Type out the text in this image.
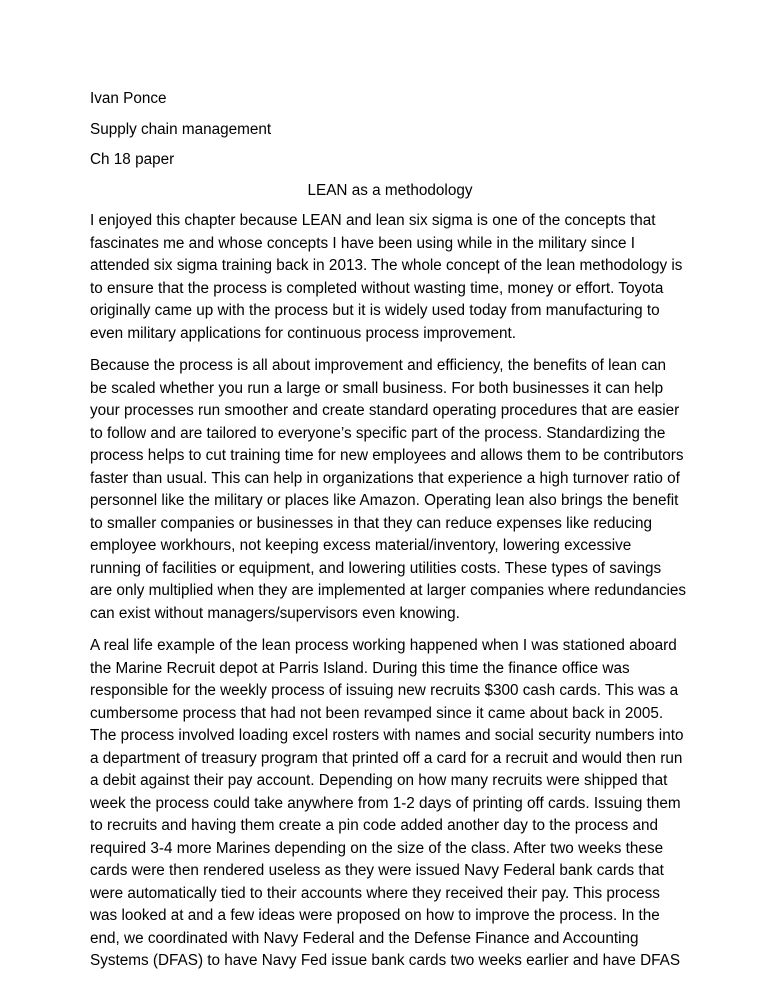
Ivan Ponce
Supply chain management
Ch 18 paper
LEAN as a methodology
I enjoyed this chapter because LEAN and lean six sigma is one of the concepts that
fascinates me and whose concepts I have been using while in the military since I
attended six sigma training back in 2013. The whole concept of the lean methodology is
to ensure that the process is completed without wasting time, money or effort. Toyota
originally came up with the process but it is widely used today from manufacturing to
even military applications for continuous process improvement.
Because the process is all about improvement and efficiency, the benefits of lean can
be scaled whether you run a large or small business. For both businesses it can help
your processes run smoother and create standard operating procedures that are easier
to follow and are tailored to everyone’s specific part of the process. Standardizing the
process helps to cut training time for new employees and allows them to be contributors
faster than usual. This can help in organizations that experience a high turnover ratio of
personnel like the military or places like Amazon. Operating lean also brings the benefit
to smaller companies or businesses in that they can reduce expenses like reducing
employee workhours, not keeping excess material/inventory, lowering excessive
running of facilities or equipment, and lowering utilities costs. These types of savings
are only multiplied when they are implemented at larger companies where redundancies
can exist without managers/supervisors even knowing.
A real life example of the lean process working happened when I was stationed aboard
the Marine Recruit depot at Parris Island. During this time the finance office was
responsible for the weekly process of issuing new recruits $300 cash cards. This was a
cumbersome process that had not been revamped since it came about back in 2005.
The process involved loading excel rosters with names and social security numbers into
a department of treasury program that printed off a card for a recruit and would then run
a debit against their pay account. Depending on how many recruits were shipped that
week the process could take anywhere from 1-2 days of printing off cards. Issuing them
to recruits and having them create a pin code added another day to the process and
required 3-4 more Marines depending on the size of the class. After two weeks these
cards were then rendered useless as they were issued Navy Federal bank cards that
were automatically tied to their accounts where they received their pay. This process
was looked at and a few ideas were proposed on how to improve the process. In the
end, we coordinated with Navy Federal and the Defense Finance and Accounting
Systems (DFAS) to have Navy Fed issue bank cards two weeks earlier and have DFAS
